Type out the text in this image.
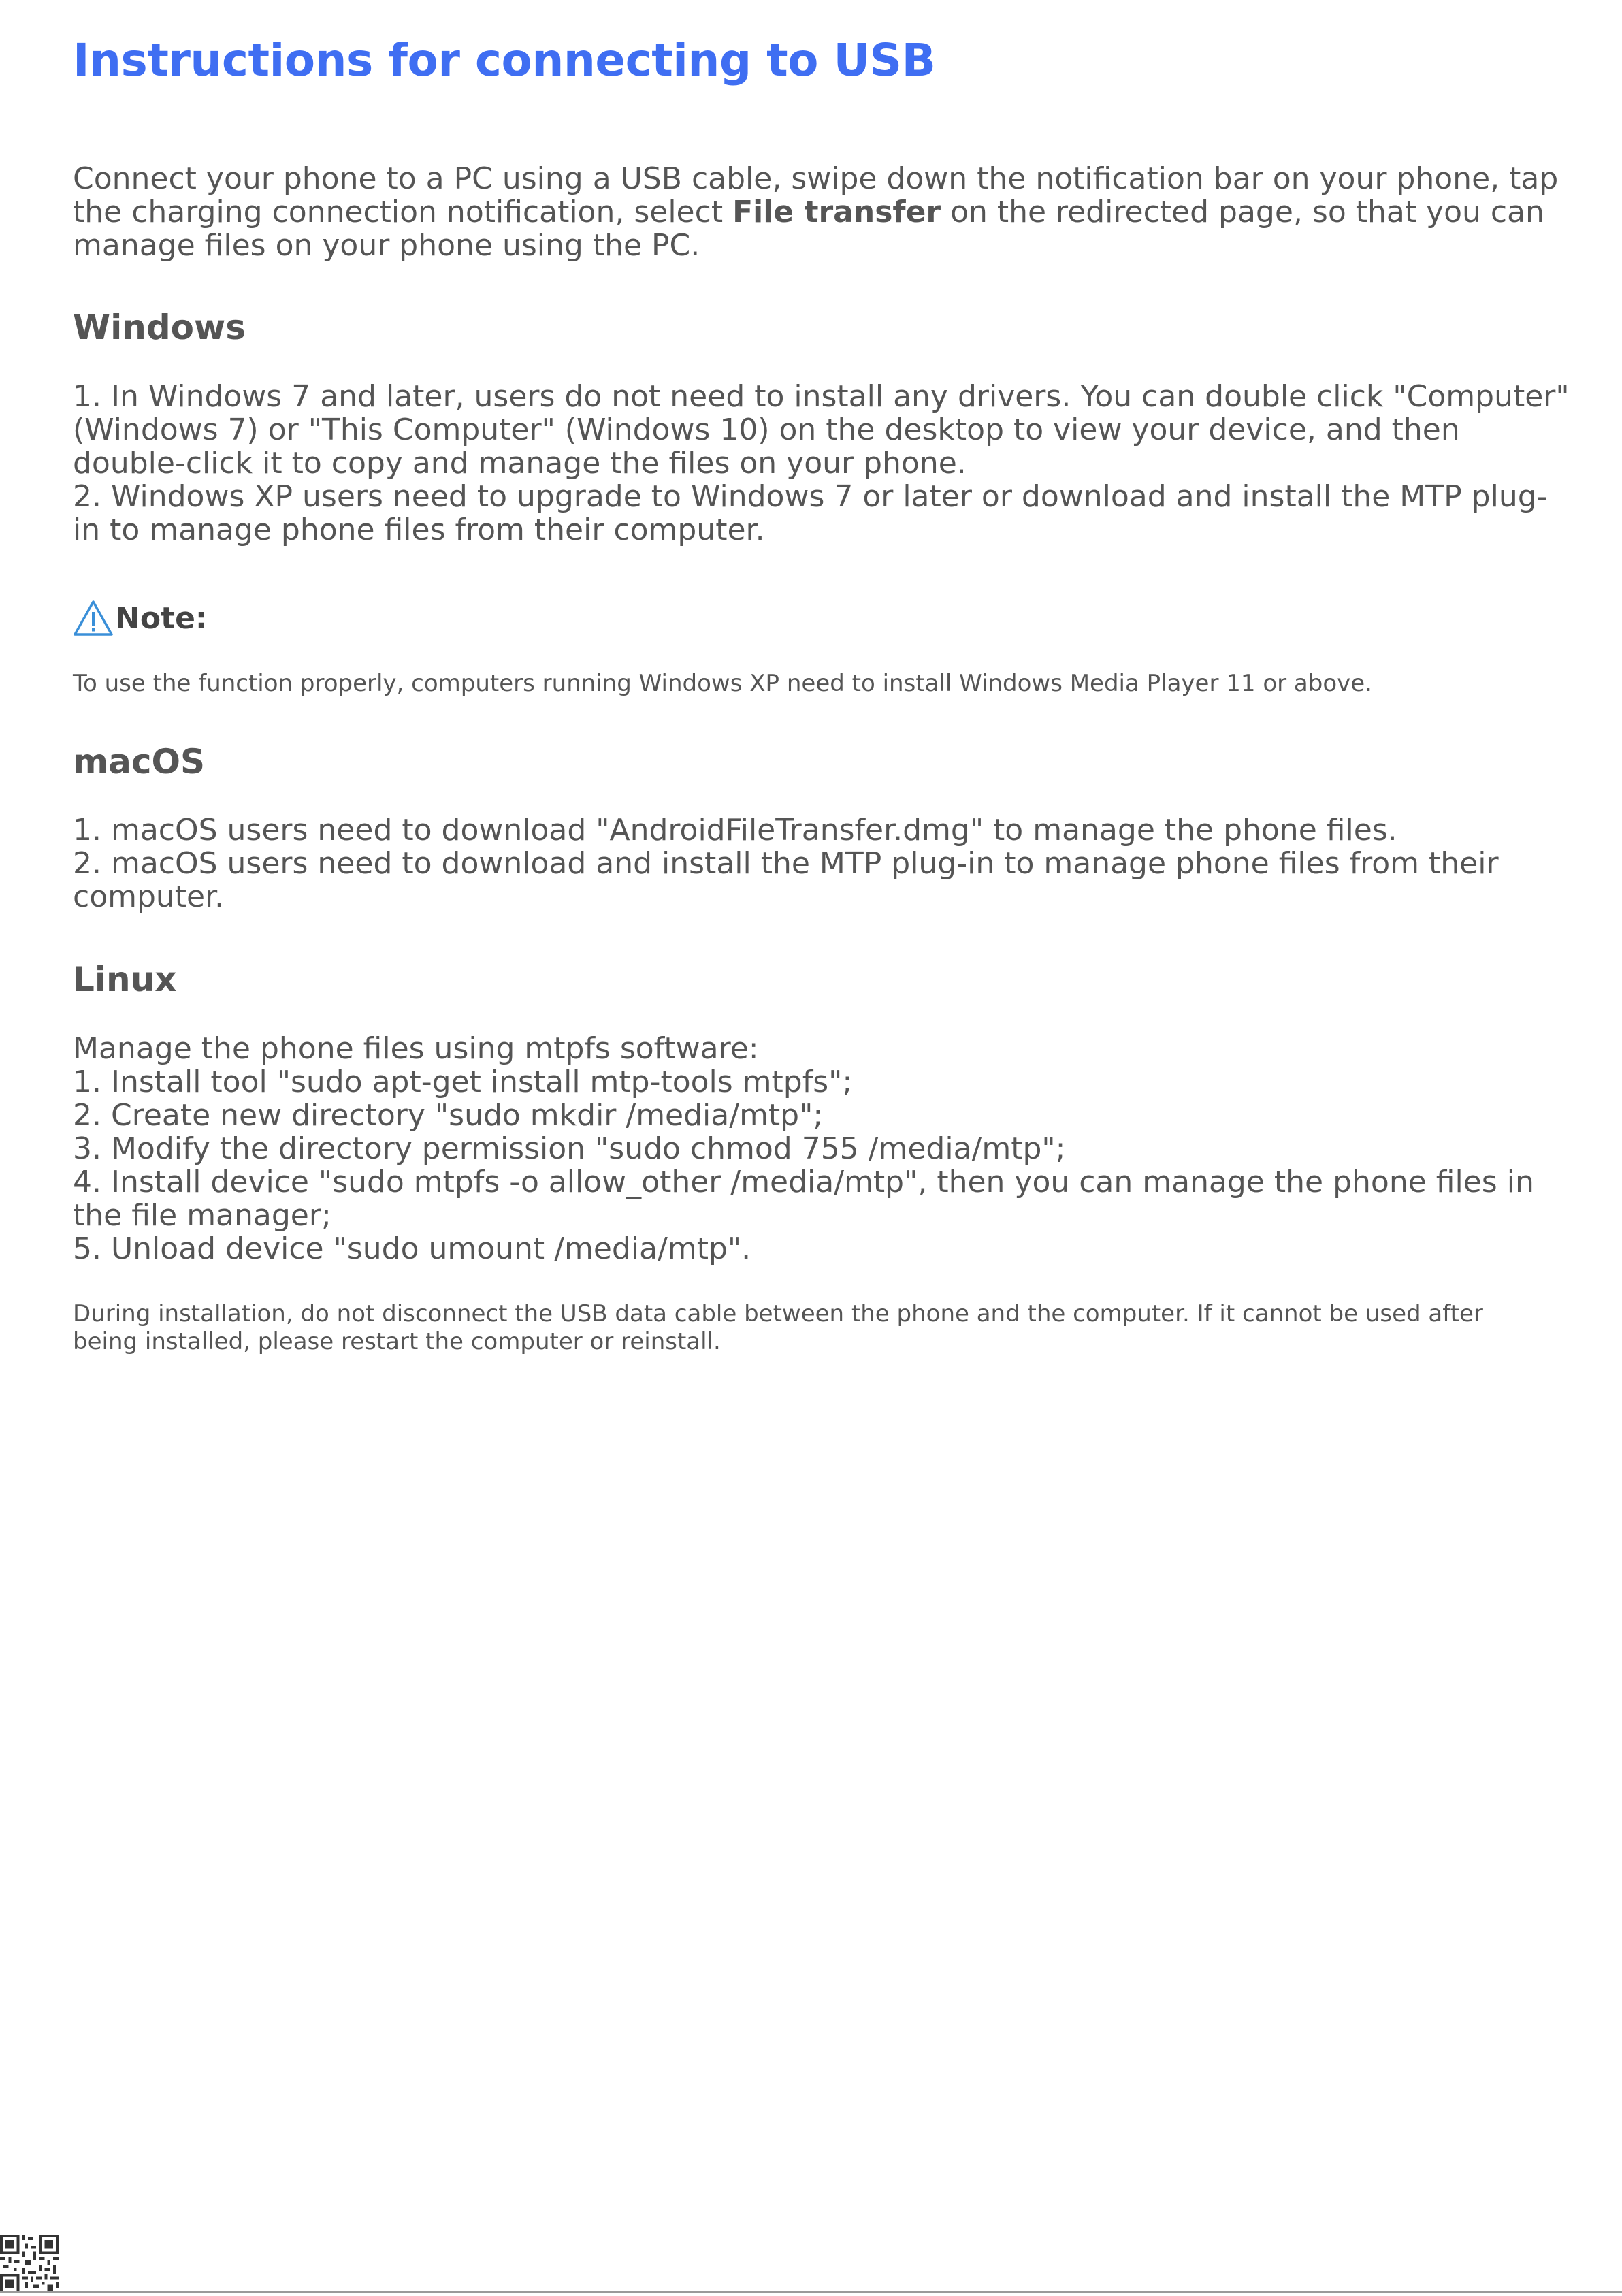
Instructions for connecting to USB

Connect your phone to a PC using a USB cable, swipe down the notification bar on your phone, tap
the charging connection notification, select File transfer on the redirected page, so that you can
manage files on your phone using the PC.

Windows

1. In Windows 7 and later, users do not need to install any drivers. You can double click "Computer"
(Windows 7) or "This Computer" (Windows 10) on the desktop to view your device, and then
double-click it to copy and manage the files on your phone.
2. Windows XP users need to upgrade to Windows 7 or later or download and install the MTP plug-
in to manage phone files from their computer.

Note:

To use the function properly, computers running Windows XP need to install Windows Media Player 11 or above.

macOS

1. macOS users need to download "AndroidFileTransfer.dmg" to manage the phone files.
2. macOS users need to download and install the MTP plug-in to manage phone files from their
computer.

Linux

Manage the phone files using mtpfs software:
1. Install tool "sudo apt-get install mtp-tools mtpfs";
2. Create new directory "sudo mkdir /media/mtp";
3. Modify the directory permission "sudo chmod 755 /media/mtp";
4. Install device "sudo mtpfs -o allow_other /media/mtp", then you can manage the phone files in
the file manager;
5. Unload device "sudo umount /media/mtp".

During installation, do not disconnect the USB data cable between the phone and the computer. If it cannot be used after
being installed, please restart the computer or reinstall.
